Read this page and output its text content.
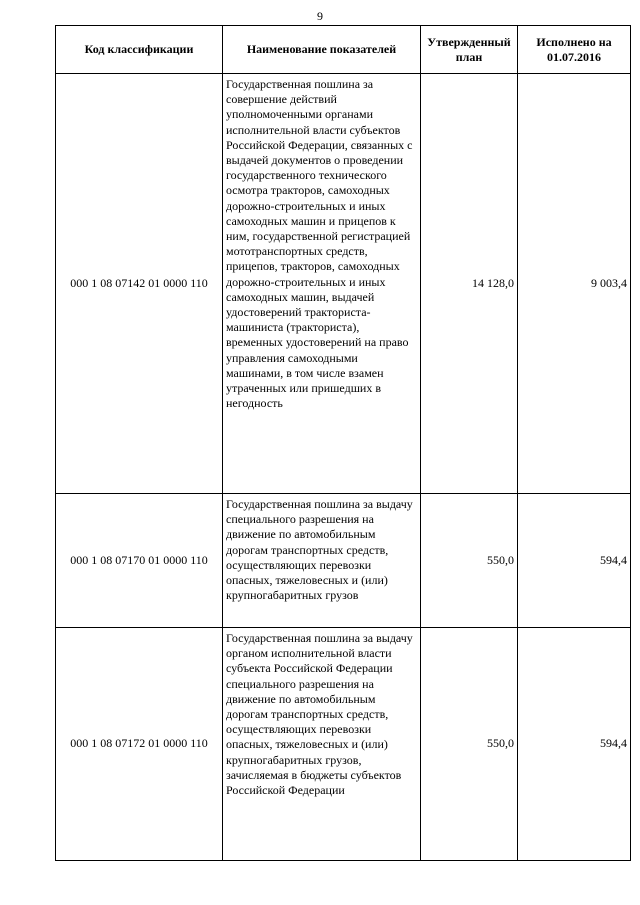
9
Код классификации	Наименование показателей	Утвержденный план	Исполнено на 01.07.2016
000 1 08 07142 01 0000 110	Государственная пошлина за совершение действий уполномоченными органами исполнительной власти субъектов Российской Федерации, связанных с выдачей документов о проведении государственного технического осмотра тракторов, самоходных дорожно-строительных и иных самоходных машин и прицепов к ним, государственной регистрацией мототранспортных средств, прицепов, тракторов, самоходных дорожно-строительных и иных самоходных машин, выдачей удостоверений тракториста-машиниста (тракториста), временных удостоверений на право управления самоходными машинами, в том числе взамен утраченных или пришедших в негодность	14 128,0	9 003,4
000 1 08 07170 01 0000 110	Государственная пошлина за выдачу специального разрешения на движение по автомобильным дорогам транспортных средств, осуществляющих перевозки опасных, тяжеловесных и (или) крупногабаритных грузов	550,0	594,4
000 1 08 07172 01 0000 110	Государственная пошлина за выдачу органом исполнительной власти субъекта Российской Федерации специального разрешения на движение по автомобильным дорогам транспортных средств, осуществляющих перевозки опасных, тяжеловесных и (или) крупногабаритных грузов, зачисляемая в бюджеты субъектов Российской Федерации	550,0	594,4
